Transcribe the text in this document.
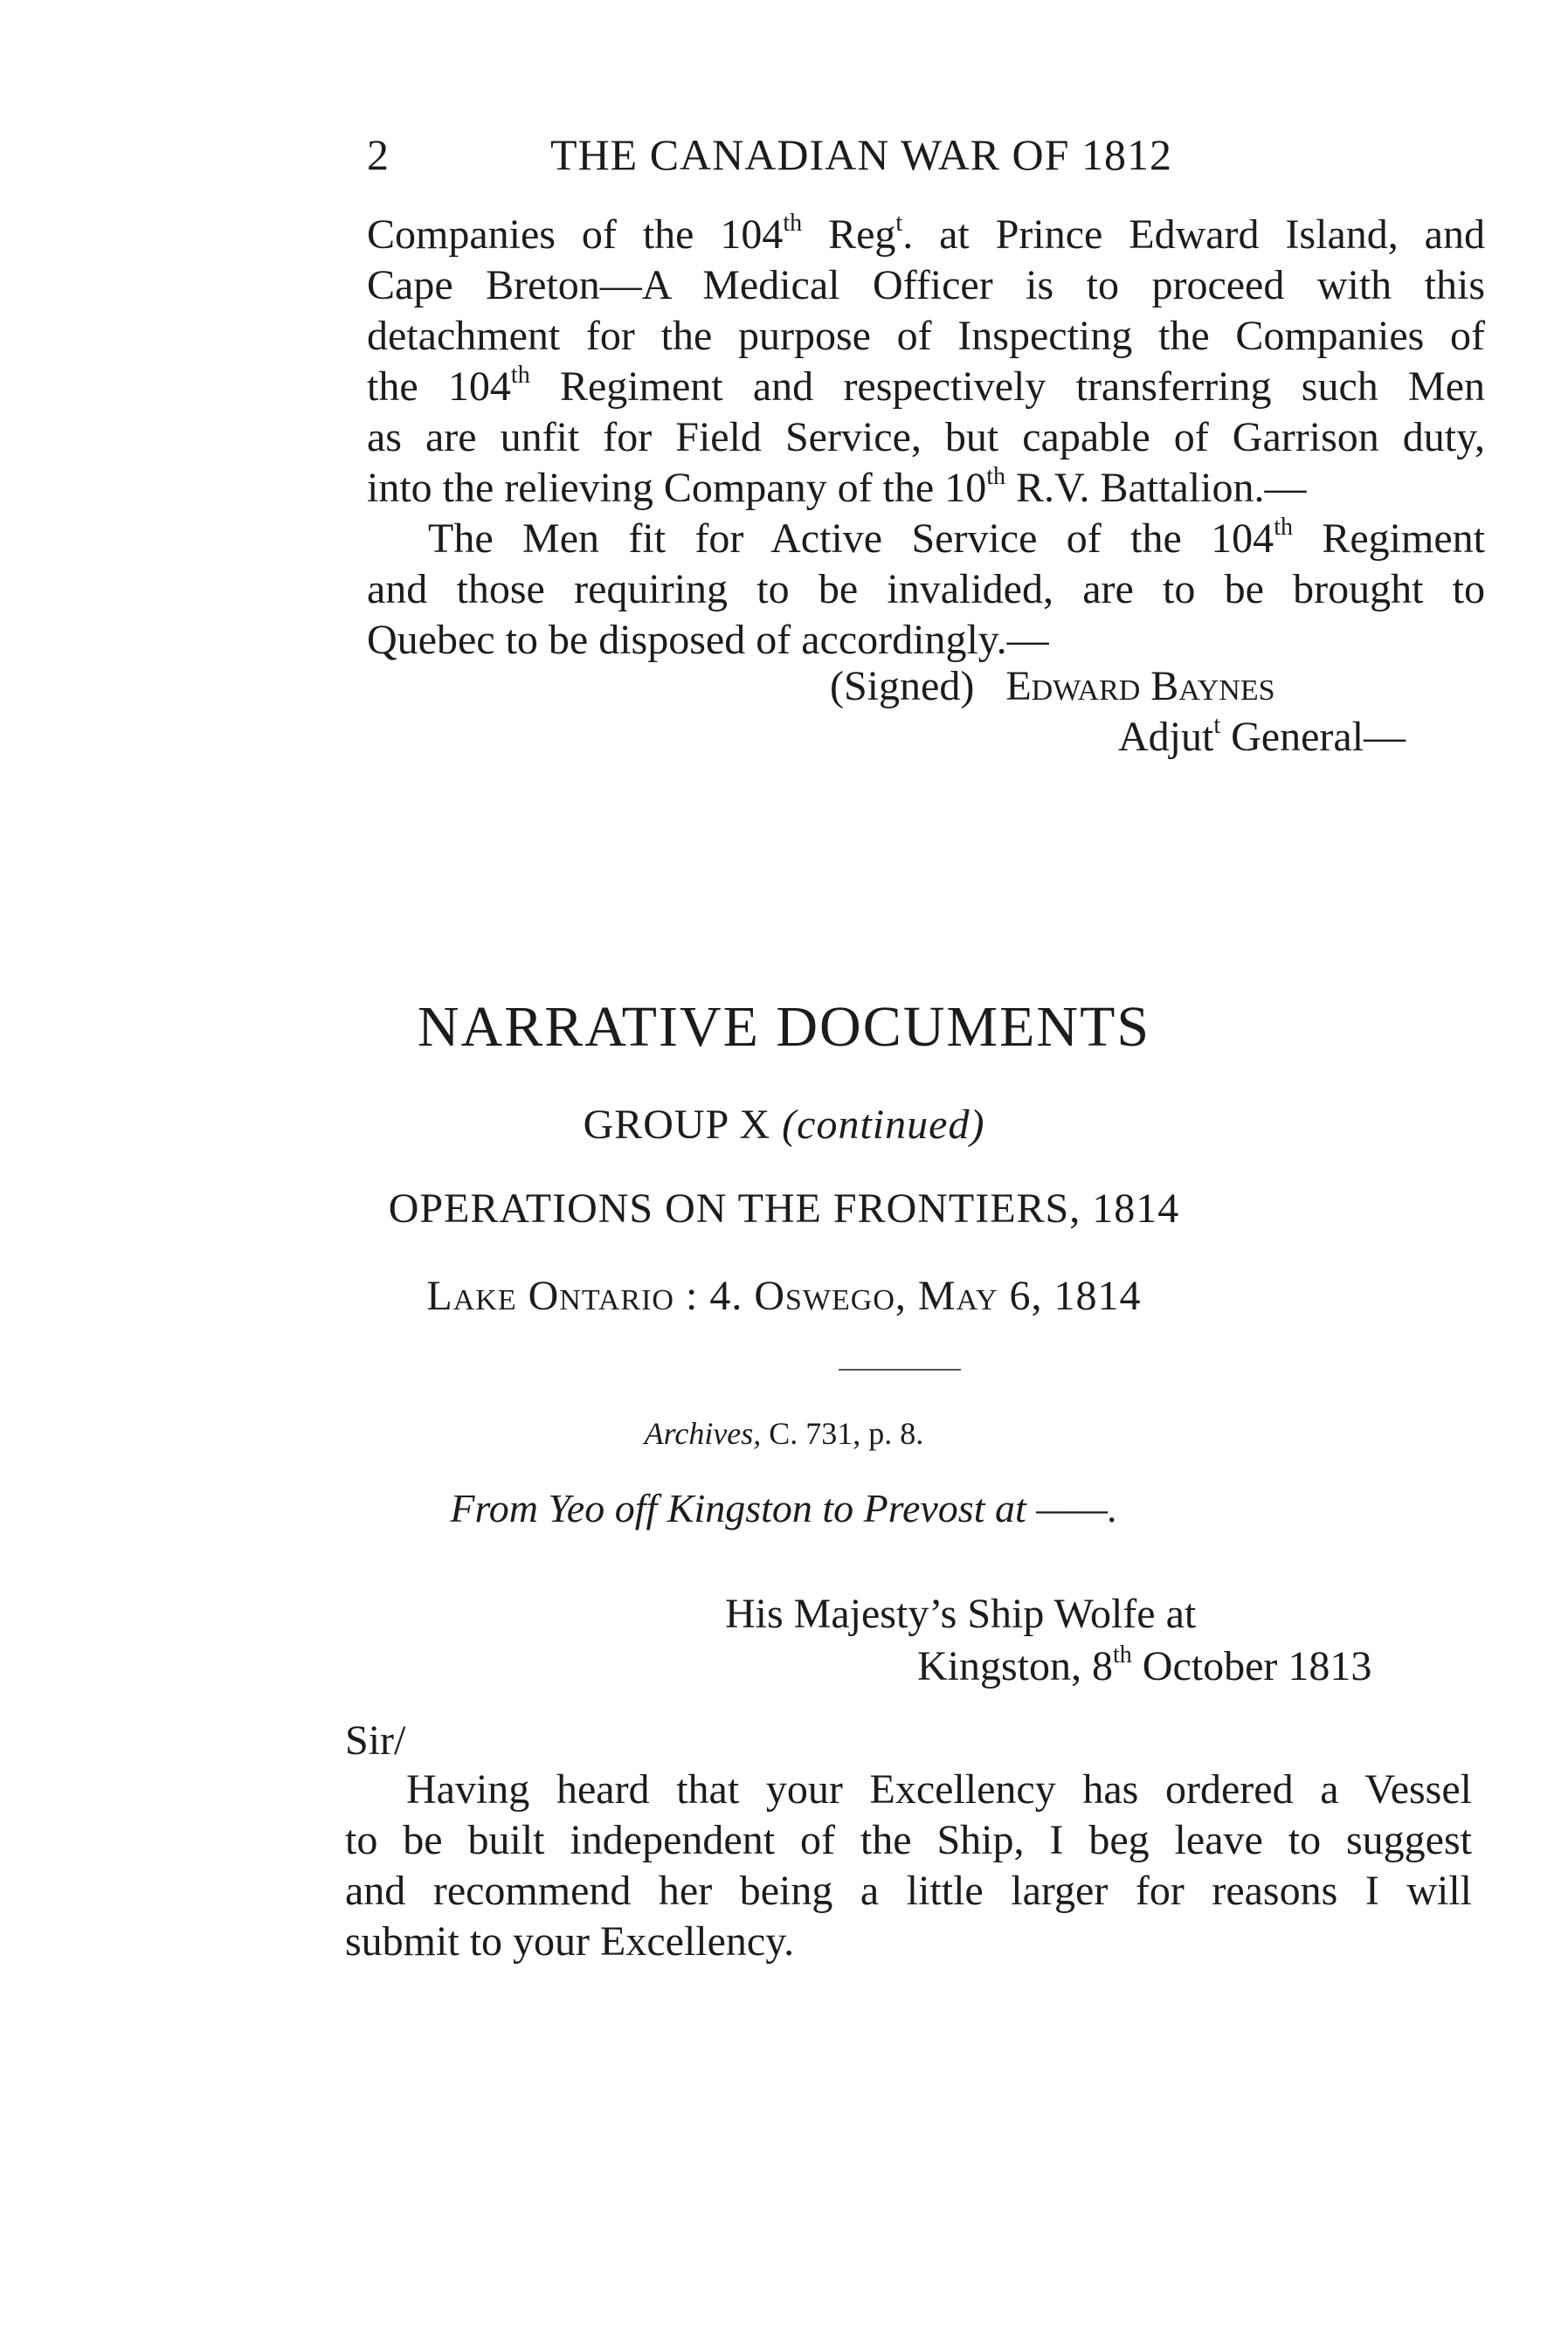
2	THE CANADIAN WAR OF 1812
Companies of the 104th Reg$^t$. at Prince Edward Island, and
Cape Breton—A Medical Officer is to proceed with this
detachment for the purpose of Inspecting the Companies of
the 104th Regiment and respectively transferring such Men
as are unfit for Field Service, but capable of Garrison duty,
into the relieving Company of the 10th R.V. Battalion.—
The Men fit for Active Service of the 104th Regiment
and those requiring to be invalided, are to be brought to
Quebec to be disposed of accordingly.—
(Signed) Edward Baynes
Adjut$^t$ General—
NARRATIVE DOCUMENTS
GROUP X (continued)
OPERATIONS ON THE FRONTIERS, 1814
Lake Ontario : 4. Oswego, May 6, 1814
Archives, C. 731, p. 8.
From Yeo off Kingston to Prevost at ——.
His Majesty’s Ship Wolfe at
Kingston, 8th October 1813
Sir/
Having heard that your Excellency has ordered a Vessel
to be built independent of the Ship, I beg leave to suggest
and recommend her being a little larger for reasons I will
submit to your Excellency.
